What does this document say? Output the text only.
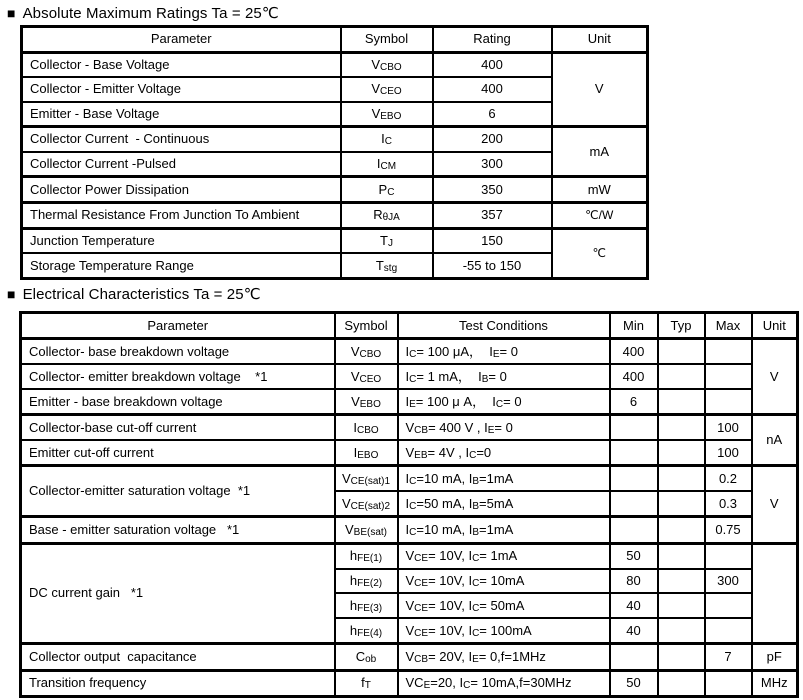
■ Absolute Maximum Ratings Ta = 25℃
Parameter	Symbol	Rating	Unit
Collector - Base Voltage	$V_{CBO}$	400	V
Collector - Emitter Voltage	$V_{CEO}$	400	
Emitter - Base Voltage	$V_{EBO}$	6	
Collector Current  - Continuous	$I_C$	200	mA
Collector Current -Pulsed	$I_{CM}$	300	
Collector Power Dissipation	$P_C$	350	mW
Thermal Resistance From Junction To Ambient	$R_{\theta JA}$	357	℃/W
Junction Temperature	$T_J$	150	℃
Storage Temperature Range	$T_{stg}$	-55 to 150	
■ Electrical Characteristics Ta = 25℃
Parameter	Symbol	Test Conditions	Min	Typ	Max	Unit
Collector- base breakdown voltage	$V_{CBO}$	$I_C= 100$ μA，  $I_E= 0$	400			V
Collector- emitter breakdown voltage    *1	$V_{CEO}$	$I_C= 1$ mA，  $I_B= 0$	400			
Emitter - base breakdown voltage	$V_{EBO}$	$I_E= 100$ μ A，  $I_C= 0$	6			
Collector-base cut-off current	$I_{CBO}$	$V_{CB}= 400$ V , $I_E= 0$			100	nA
Emitter cut-off current	$I_{EBO}$	$V_{EB}= 4V$ , $I_C=0$			100	
Collector-emitter saturation voltage  *1	$V_{CE(sat)1}$	$I_C=10$ mA, $I_B=1mA$			0.2	V
	$V_{CE(sat)2}$	$I_C=50$ mA, $I_B=5mA$			0.3	
Base - emitter saturation voltage   *1	$V_{BE(sat)}$	$I_C=10$ mA, $I_B=1mA$			0.75	
DC current gain   *1	$h_{FE(1)}$	$V_{CE}= 10V$, $I_C= 1mA$	50			
	$h_{FE(2)}$	$V_{CE}= 10V$, $I_C= 10mA$	80		300	
	$h_{FE(3)}$	$V_{CE}= 10V$, $I_C= 50mA$	40			
	$h_{FE(4)}$	$V_{CE}= 10V$, $I_C= 100mA$	40			
Collector output  capacitance	$C_{ob}$	$V_{CB}= 20V$, $I_E= 0,f=1MHz$			7	pF
Transition frequency	$f_T$	$VC_E=20$, $I_C= 10mA,f=30MHz$	50			MHz
